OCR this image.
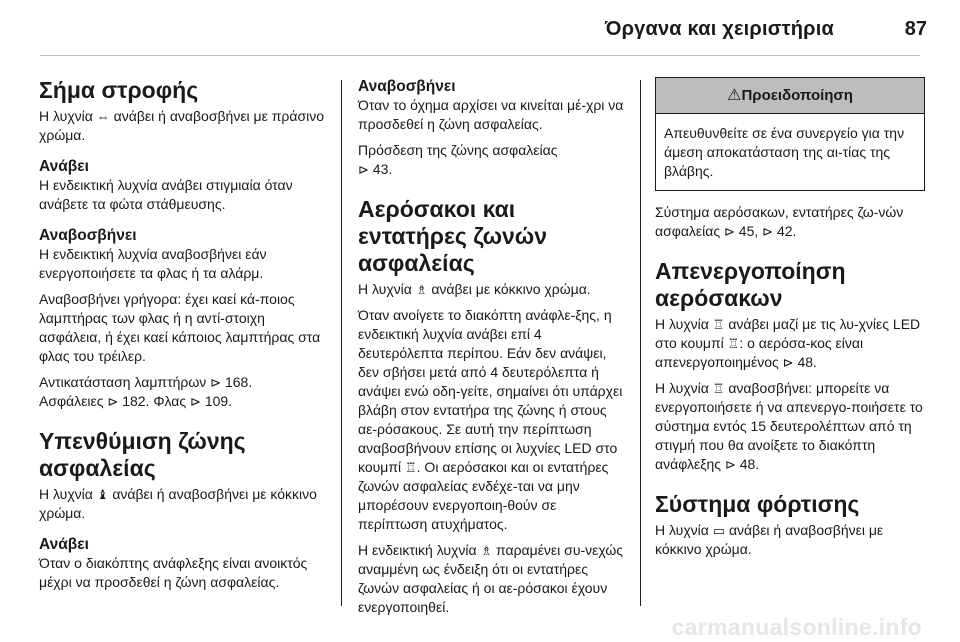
Όργανα και χειριστήρια	87
Σήμα στροφής

Η λυχνία ⇔ ανάβει ή αναβοσβήνει με πράσινο χρώμα.

Ανάβει

Η ενδεικτική λυχνία ανάβει στιγμιαία όταν ανάβετε τα φώτα στάθμευσης.

Αναβοσβήνει

Η ενδεικτική λυχνία αναβοσβήνει εάν ενεργοποιήσετε τα φλας ή τα αλάρμ.

Αναβοσβήνει γρήγορα: έχει καεί κά-ποιος λαμπτήρας των φλας ή η αντί-στοιχη ασφάλεια, ή έχει καεί κάποιος λαμπτήρας στα φλας του τρέιλερ.

Αντικατάσταση λαμπτήρων ⊳ 168.
Ασφάλειες ⊳ 182. Φλας ⊳ 109.

Υπενθύμιση ζώνης ασφαλείας

Η λυχνία ♝ ανάβει ή αναβοσβήνει με κόκκινο χρώμα.

Ανάβει

Όταν ο διακόπτης ανάφλεξης είναι ανοικτός μέχρι να προσδεθεί η ζώνη ασφαλείας.

Αναβοσβήνει

Όταν το όχημα αρχίσει να κινείται μέ-χρι να προσδεθεί η ζώνη ασφαλείας.

Πρόσδεση της ζώνης ασφαλείας
⊳ 43.

Αερόσακοι και εντατήρες ζωνών ασφαλείας

Η λυχνία ♗ ανάβει με κόκκινο χρώμα.

Όταν ανοίγετε το διακόπτη ανάφλε-ξης, η ενδεικτική λυχνία ανάβει επί 4 δευτερόλεπτα περίπου. Εάν δεν ανάψει, δεν σβήσει μετά από 4 δευτερόλεπτα ή ανάψει ενώ οδη-γείτε, σημαίνει ότι υπάρχει βλάβη στον εντατήρα της ζώνης ή στους αε-ρόσακους. Σε αυτή την περίπτωση αναβοσβήνουν επίσης οι λυχνίες LED στο κουμπί ♖. Οι αερόσακοι και οι εντατήρες ζωνών ασφαλείας ενδέχε-ται να μην μπορέσουν ενεργοποιη-θούν σε περίπτωση ατυχήματος.

Η ενδεικτική λυχνία ♗ παραμένει συ-νεχώς αναμμένη ως ένδειξη ότι οι εντατήρες ζωνών ασφαλείας ή οι αε-ρόσακοι έχουν ενεργοποιηθεί.

⚠ Προειδοποίηση
Απευθυνθείτε σε ένα συνεργείο για την άμεση αποκατάσταση της αι-τίας της βλάβης.

Σύστημα αερόσακων, εντατήρες ζω-νών ασφαλείας ⊳ 45, ⊳ 42.

Απενεργοποίηση αερόσακων

Η λυχνία ♖ ανάβει μαζί με τις λυ-χνίες LED στο κουμπί ♖: ο αερόσα-κος είναι απενεργοποιημένος ⊳ 48.

Η λυχνία ♖ αναβοσβήνει: μπορείτε να ενεργοποιήσετε ή να απενεργο-ποιήσετε το σύστημα εντός 15 δευτερολέπτων από τη στιγμή που θα ανοίξετε το διακόπτη ανάφλεξης ⊳ 48.

Σύστημα φόρτισης

Η λυχνία ▭ ανάβει ή αναβοσβήνει με κόκκινο χρώμα.

carmanualsonline.info
